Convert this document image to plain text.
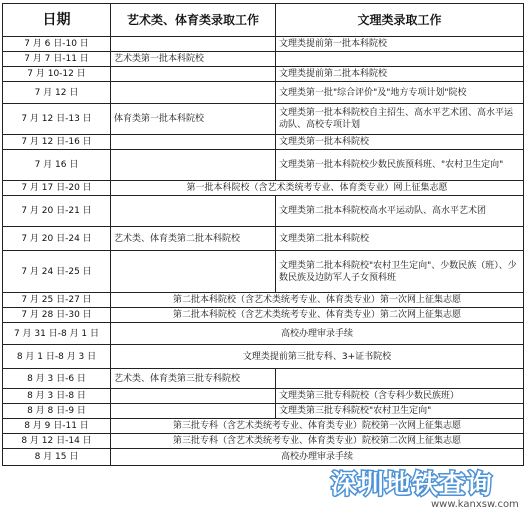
日期	艺术类、体育类录取工作	文理类录取工作
7 月 6 日-10 日		文理类提前第一批本科院校
7 月 7 日-11 日	艺术类第一批本科院校	
7 月 10-12 日		文理类提前第二批本科院校
7 月 12 日		文理类第一批"综合评价"及"地方专项计划"院校
7 月 12 日-13 日	体育类第一批本科院校	文理类第一批本科院校自主招生、高水平艺术团、高水平运动队、高校专项计划
7 月 12 日-16 日		文理类第一批本科院校
7 月 16 日		文理类第一批本科院校少数民族预科班、"农村卫生定向"
7 月 17 日-20 日	第一批本科院校（含艺术类统考专业、体育类专业）网上征集志愿	
7 月 20 日-21 日		文理类第二批本科院校高水平运动队、高水平艺术团
7 月 20 日-24 日	艺术类、体育类第二批本科院校	文理类第二批本科院校
7 月 24 日-25 日		文理类第二批本科院校"农村卫生定向"、少数民族（班）、少数民族及边防军人子女预科班
7 月 25 日-27 日	第二批本科院校（含艺术类统考专业、体育类专业）第一次网上征集志愿	
7 月 28 日-30 日	第二批本科院校（含艺术类统考专业、体育类专业）第二次网上征集志愿	
7 月 31 日-8 月 1 日	高校办理审录手续	
8 月 1 日-8 月 3 日	文理类提前第三批专科、3+证书院校	
8 月 3 日-6 日	艺术类、体育类第三批专科院校	
8 月 3 日-8 日		文理类第三批专科院校（含专科少数民族班）
8 月 8 日-9 日		文理类第三批专科院校"农村卫生定向"
8 月 9 日-11 日	第三批专科（含艺术类统考专业、体育类专业）院校第一次网上征集志愿	
8 月 12 日-14 日	第三批专科（含艺术类统考专业、体育类专业）院校第二次网上征集志愿	
8 月 15 日	高校办理审录手续	
深圳地铁查询
www.kanxsw.com
